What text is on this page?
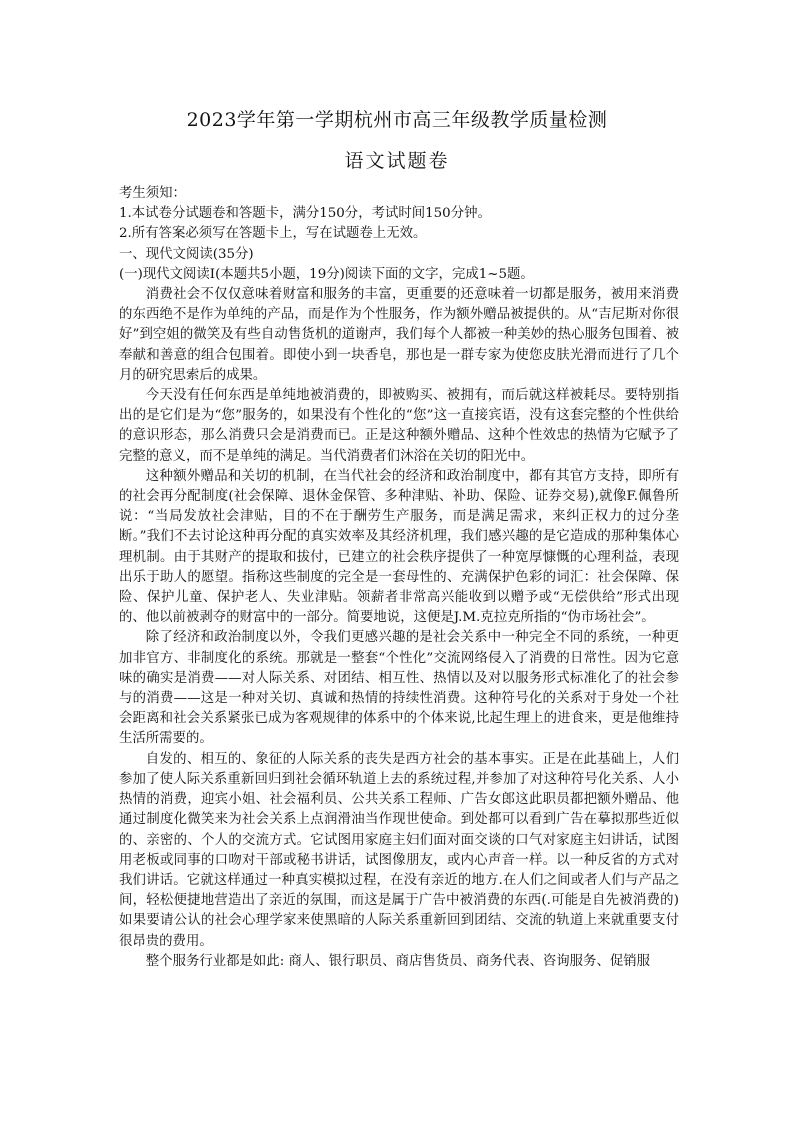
2023学年第一学期杭州市高三年级教学质量检测
语文试题卷
考生须知：
1.本试卷分试题卷和答题卡，满分150分，考试时间150分钟。
2.所有答案必须写在答题卡上，写在试题卷上无效。
一、现代文阅读(35分)
(一)现代文阅读Ⅰ(本题共5小题，19分)阅读下面的文字，完成1~5题。

消费社会不仅仅意味着财富和服务的丰富，更重要的还意味着一切都是服务，被用来消费的东西绝不是作为单纯的产品，而是作为个性服务，作为额外赠品被提供的。从“吉尼斯对你很好”到空姐的微笑及有些自动售货机的道谢声，我们每个人都被一种美妙的热心服务包围着、被奉献和善意的组合包围着。即使小到一块香皂，那也是一群专家为使您皮肤光滑而进行了几个月的研究思索后的成果。

今天没有任何东西是单纯地被消费的，即被购买、被拥有，而后就这样被耗尽。要特别指出的是它们是为“您”服务的，如果没有个性化的“您”这一直接宾语，没有这套完整的个性供给的意识形态，那么消费只会是消费而已。正是这种额外赠品、这种个性效忠的热情为它赋予了完整的意义，而不是单纯的满足。当代消费者们沐浴在关切的阳光中。

这种额外赠品和关切的机制，在当代社会的经济和政治制度中，都有其官方支持，即所有的社会再分配制度(社会保障、退休金保管、多种津贴、补助、保险、证券交易),就像F.佩鲁所说：“当局发放社会津贴，目的不在于酬劳生产服务，而是满足需求，来纠正权力的过分垄断。”我们不去讨论这种再分配的真实效率及其经济机理，我们感兴趣的是它造成的那种集体心理机制。由于其财产的提取和拔付，已建立的社会秩序提供了一种宽厚慷慨的心理利益，表现出乐于助人的愿望。指称这些制度的完全是一套母性的、充满保护色彩的词汇：社会保障、保险、保护儿童、保护老人、失业津贴。领薪者非常高兴能收到以赠予或“无偿供给”形式出现的、他以前被剥夺的财富中的一部分。简要地说，这便是J.M.克拉克所指的“伪市场社会”。

除了经济和政治制度以外，令我们更感兴趣的是社会关系中一种完全不同的系统，一种更加非官方、非制度化的系统。那就是一整套“个性化”交流网络侵入了消费的日常性。因为它意味的确实是消费——对人际关系、对团结、相互性、热情以及对以服务形式标准化了的社会参与的消费——这是一种对关切、真诚和热情的持续性消费。这种符号化的关系对于身处一个社会距离和社会关系紧张已成为客观规律的体系中的个体来说,比起生理上的进食来，更是他维持生活所需要的。

自发的、相互的、象征的人际关系的丧失是西方社会的基本事实。正是在此基础上，人们参加了使人际关系重新回归到社会循环轨道上去的系统过程,并参加了对这种符号化关系、人小热情的消费，迎宾小姐、社会福利员、公共关系工程师、广告女郎这此职员都把额外赠品、他通过制度化微笑来为社会关系上点润滑油当作现世使命。到处都可以看到广告在摹拟那些近似的、亲密的、个人的交流方式。它试图用家庭主妇们面对面交谈的口气对家庭主妇讲话，试图用老板或同事的口吻对干部或秘书讲话，试图像朋友，或内心声音一样。以一种反省的方式对我们讲话。它就这样通过一种真实模拟过程，在没有亲近的地方.在人们之间或者人们与产品之间，轻松便捷地营造出了亲近的氛围，而这是属于广告中被消费的东西(.可能是自先被消费的)如果要请公认的社会心理学家来使黑暗的人际关系重新回到团结、交流的轨道上来就重要支付很昂贵的费用。

整个服务行业都是如此: 商人、银行职员、商店售货员、商务代表、咨询服务、促销服
